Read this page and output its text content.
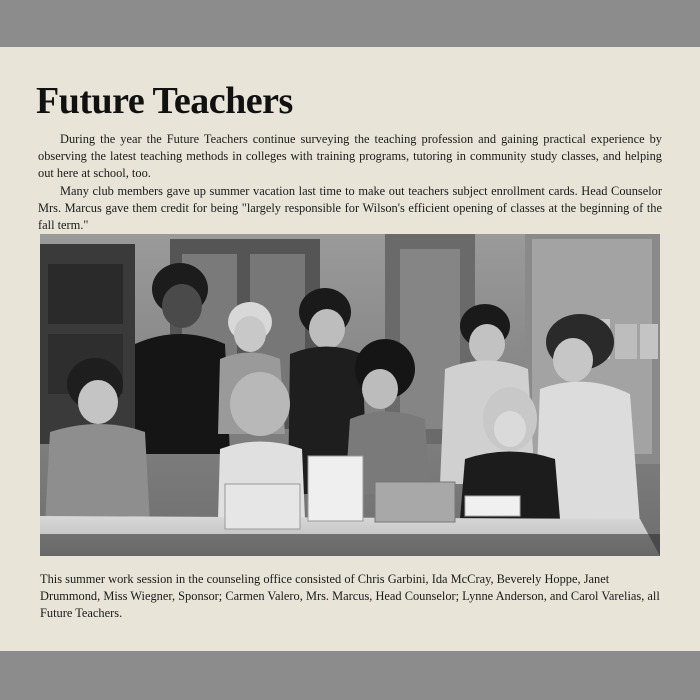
Future Teachers

During the year the Future Teachers continue surveying the teaching profession and gaining practical experience by observing the latest teaching methods in colleges with training programs, tutoring in community study classes, and helping out here at school, too.

Many club members gave up summer vacation last time to make out teachers subject enrollment cards. Head Counselor Mrs. Marcus gave them credit for being "largely responsible for Wilson's efficient opening of classes at the beginning of the fall term."

This summer work session in the counseling office consisted of Chris Garbini, Ida McCray, Beverely Hoppe, Janet Drummond, Miss Wiegner, Sponsor; Carmen Valero, Mrs. Marcus, Head Counselor; Lynne Anderson, and Carol Varelias, all Future Teachers.
